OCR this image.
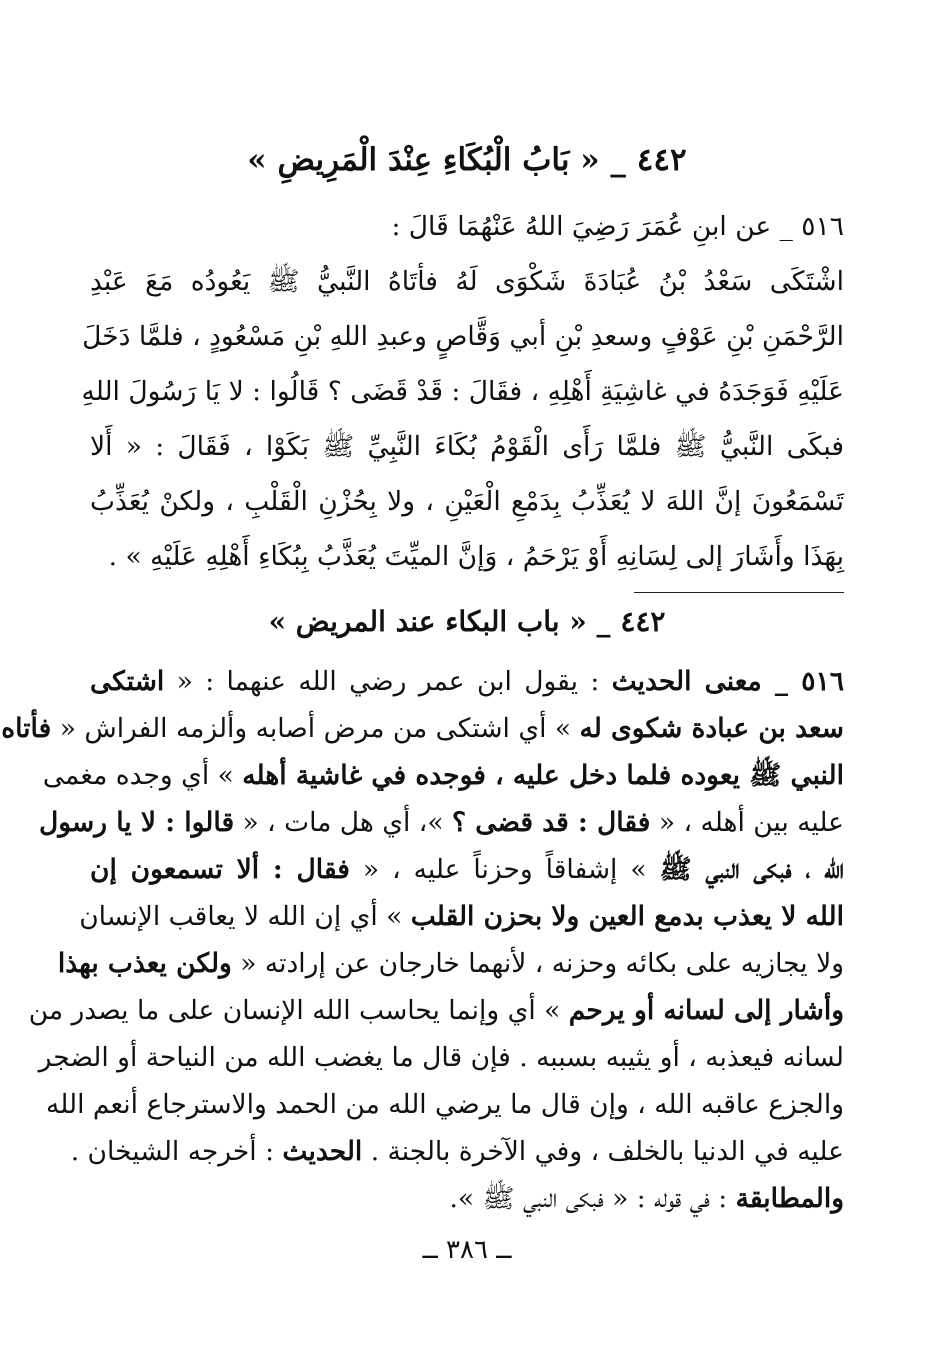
٤٤٢ _ « بَابُ الْبُكَاءِ عِنْدَ الْمَرِيضِ »
٥١٦ _ عن ابنِ عُمَرَ رَضِيَ اللهُ عَنْهُمَا قَالَ :
اشْتَكَى سَعْدُ بْنُ عُبَادَةَ شَكْوَى لَهُ فأتَاهُ النَّبيُّ ﷺ يَعُودُه مَعَ عَبْدِ
الرَّحْمَنِ بْنِ عَوْفٍ وسعدِ بْنِ أبي وَقَّاصٍ وعبدِ اللهِ بْنِ مَسْعُودٍ ، فلمَّا دَخَلَ
عَلَيْهِ فَوَجَدَهُ في غاشِيَةِ أَهْلِهِ ، فقَالَ : قَدْ قَضَى ؟ قَالُوا : لا يَا رَسُولَ اللهِ
فبكَى النَّبيُّ ﷺ فلمَّا رَأَى الْقَوْمُ بُكَاءَ النَّبِيِّ ﷺ بَكَوْا ، فَقَالَ : « أَلا
تَسْمَعُونَ إنَّ اللهَ لا يُعَذِّبُ بِدَمْعِ الْعَيْنِ ، ولا بِحُزْنِ الْقَلْبِ ، ولكنْ يُعَذِّبُ
بِهَذَا وأَشَارَ إلى لِسَانِهِ أَوْ يَرْحَمُ ، وَإنَّ الميِّتَ يُعَذَّبُ بِبُكَاءِ أَهْلِهِ عَلَيْهِ » .
٤٤٢ _ « باب البكاء عند المريض »
٥١٦ _ معنى الحديث : يقول ابن عمر رضي الله عنهما : « اشتكى
سعد بن عبادة شكوى له » أي اشتكى من مرض أصابه وألزمه الفراش « فأتاه
النبي ﷺ يعوده فلما دخل عليه ، فوجده في غاشية أهله » أي وجده مغمى
عليه بين أهله ، « فقال : قد قضى ؟ »، أي هل مات ، « قالوا : لا يا رسول
الله ، فبكى النبي ﷺ » إشفاقاً وحزناً عليه ، « فقال : ألا تسمعون إن
الله لا يعذب بدمع العين ولا بحزن القلب » أي إن الله لا يعاقب الإنسان
ولا يجازيه على بكائه وحزنه ، لأنهما خارجان عن إرادته « ولكن يعذب بهذا
وأشار إلى لسانه أو يرحم » أي وإنما يحاسب الله الإنسان على ما يصدر من
لسانه فيعذبه ، أو يثيبه بسببه . فإن قال ما يغضب الله من النياحة أو الضجر
والجزع عاقبه الله ، وإن قال ما يرضي الله من الحمد والاسترجاع أنعم الله
عليه في الدنيا بالخلف ، وفي الآخرة بالجنة . الحديث : أخرجه الشيخان .
والمطابقة : في قوله : « فبكى النبي ﷺ ».
ــ ٣٨٦ ــ
